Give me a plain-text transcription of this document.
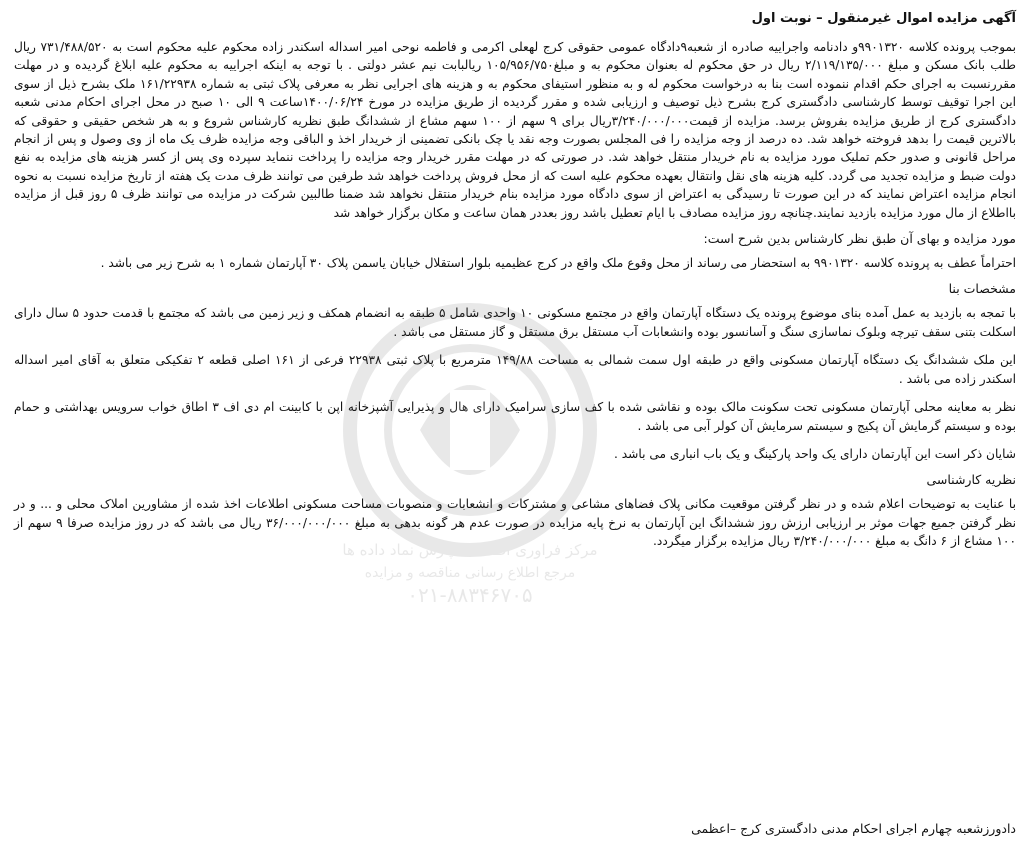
مرکز فراوری اطلاعات پارس نماد داده ها
مرجع اطلاع رسانی مناقصه و مزایده
۰۲۱-۸۸۳۴۶۷۰۵
آگهی مزایده اموال غیرمنقول – نوبت اول

بموجب پرونده کلاسه ۹۹۰۱۳۲۰و دادنامه واجراییه صادره از شعبه۹دادگاه عمومی حقوقی کرج لهعلی اکرمی و فاطمه نوحی امیر اسداله اسکندر زاده محکوم علیه محکوم است به ۷۳۱/۴۸۸/۵۲۰ ریال طلب بانک مسکن و مبلغ ۲/۱۱۹/۱۳۵/۰۰۰ ریال در حق محکوم له بعنوان محکوم به و مبلغ۱۰۵/۹۵۶/۷۵۰ ریالبابت نیم عشر دولتی . با توجه به اینکه اجراییه به محکوم علیه ابلاغ گردیده و در مهلت مقررنسبت به اجرای حکم اقدام ننموده است بنا به درخواست محکوم له و به منظور استیفای محکوم به و هزینه های اجرایی نظر به معرفی پلاک ثبتی به شماره ۱۶۱/۲۲۹۳۸ ملک بشرح ذیل از سوی این اجرا توقیف توسط کارشناسی دادگستری کرج بشرح ذیل توصیف و ارزیابی شده و مقرر گردیده از طریق مزایده در مورخ ۱۴۰۰/۰۶/۲۴ساعت ۹ الی ۱۰ صبح در محل اجرای احکام مدنی شعبه دادگستری کرج از طریق مزایده بفروش برسد. مزایده از قیمت۳/۲۴۰/۰۰۰/۰۰۰ریال برای ۹ سهم از ۱۰۰ سهم مشاع از ششدانگ طبق نظریه کارشناس شروع و به هر شخص حقیقی و حقوقی که بالاترین قیمت را بدهد فروخته خواهد شد. ده درصد از وجه مزایده را فی المجلس بصورت وجه نقد یا چک بانکی تضمینی از خریدار اخذ و الباقی وجه مزایده ظرف یک ماه از وی وصول و پس از انجام مراحل قانونی و صدور حکم تملیک مورد مزایده به نام خریدار منتقل خواهد شد. در صورتی که در مهلت مقرر خریدار وجه مزایده را پرداخت ننماید سپرده وی پس از کسر هزینه های مزایده به نفع دولت ضبط و مزایده تجدید می گردد. کلیه هزینه های نقل وانتقال بعهده محکوم علیه است که از محل فروش پرداخت خواهد شد طرفین می توانند ظرف مدت یک هفته از تاریخ مزایده نسبت به نحوه انجام مزایده اعتراض نمایند که در این صورت تا رسیدگی به اعتراض از سوی دادگاه مورد مزایده بنام خریدار منتقل نخواهد شد ضمنا طالبین شرکت در مزایده می توانند ظرف ۵ روز قبل از مزایده بااطلاع از مال مورد مزایده بازدید نمایند.چنانچه روز مزایده مصادف با ایام تعطیل باشد روز بعددر همان ساعت و مکان برگزار خواهد شد

مورد مزایده و بهای آن طبق نظر کارشناس بدین شرح است:

احتراماً عطف به پرونده کلاسه ۹۹۰۱۳۲۰ به استحضار می رساند از محل وقوع ملک واقع در کرج عظیمیه بلوار استقلال خیابان یاسمن پلاک ۳۰ آپارتمان شماره ۱ به شرح زیر می باشد .

مشخصات بنا

با تمجه به بازدید به عمل آمده بنای موضوع پرونده یک دستگاه آپارتمان واقع در مجتمع مسکونی ۱۰ واحدی شامل ۵ طبقه به انضمام همکف و زیر زمین می باشد که مجتمع با قدمت حدود ۵ سال دارای اسکلت بتنی سقف تیرچه وبلوک نماسازی سنگ و آسانسور بوده وانشعابات آب مستقل برق مستقل و گاز مستقل می باشد .

این ملک ششدانگ یک دستگاه آپارتمان مسکونی واقع در طبقه اول سمت شمالی به مساحت ۱۴۹/۸۸ مترمربع با پلاک ثبتی ۲۲۹۳۸ فرعی از ۱۶۱ اصلی قطعه ۲ تفکیکی متعلق به آقای امیر اسداله اسکندر زاده می باشد .

نظر به معاینه محلی آپارتمان مسکونی تحت سکونت مالک بوده و نقاشی شده با کف سازی سرامیک دارای هال و پذیرایی آشپزخانه اپن با کابینت ام دی اف ۳ اطاق خواب سرویس بهداشتی و حمام بوده و سیستم گرمایش آن پکیج و سیستم سرمایش آن کولر آبی می باشد .

شایان ذکر است این آپارتمان دارای یک واحد پارکینگ و یک باب انباری می باشد .

نظریه کارشناسی

با عنایت به توضیحات اعلام شده و در نظر گرفتن موقعیت مکانی پلاک فضاهای مشاعی و مشترکات و انشعابات و منصوبات مساحت مسکونی اطلاعات اخذ شده از مشاورین املاک محلی و ... و در نظر گرفتن جمیع جهات موثر بر ارزیابی ارزش روز ششدانگ این آپارتمان به نرخ پایه مزایده در صورت عدم هر گونه بدهی به مبلغ ۳۶/۰۰۰/۰۰۰/۰۰۰ ریال می باشد که در روز مزایده صرفا ۹ سهم از ۱۰۰ مشاع از ۶ دانگ به مبلغ ۳/۲۴۰/۰۰۰/۰۰۰ ریال مزایده برگزار میگردد.

دادورزشعبه چهارم اجرای احکام مدنی دادگستری کرج –اعظمی
